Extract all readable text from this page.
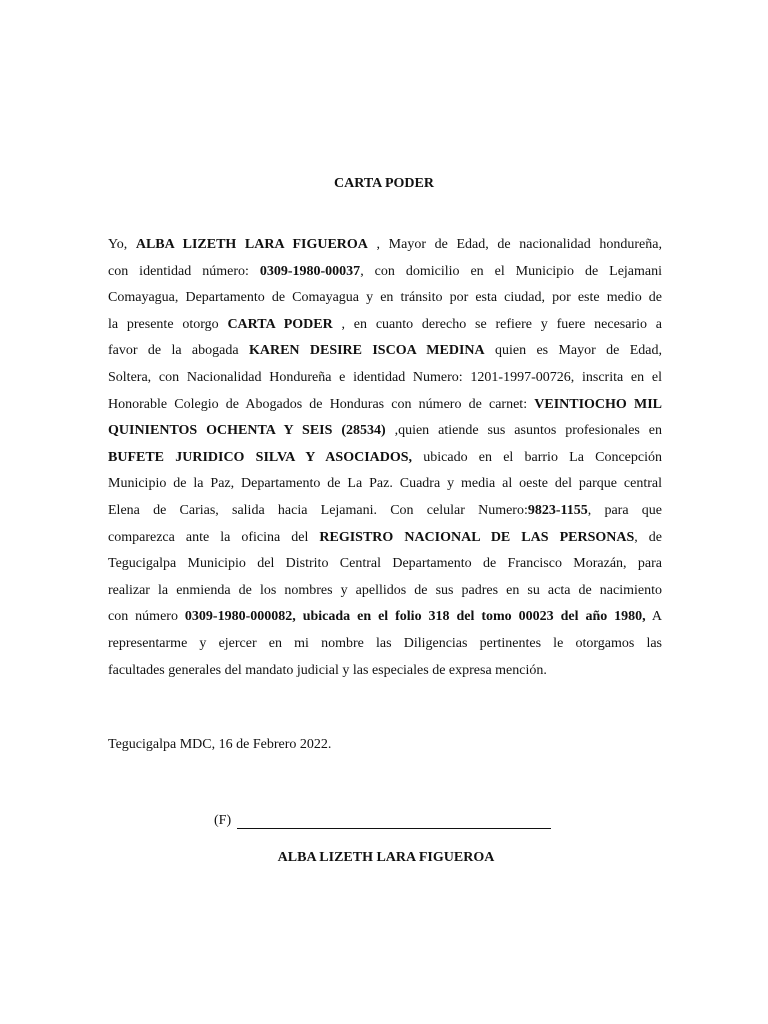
CARTA PODER
Yo, ALBA LIZETH LARA FIGUEROA , Mayor de Edad, de nacionalidad hondureña,
con identidad número: 0309-1980-00037, con domicilio en el Municipio de Lejamani
Comayagua, Departamento de Comayagua y en tránsito por esta ciudad, por este medio de
la presente otorgo CARTA PODER , en cuanto derecho se refiere y fuere necesario a
favor de la abogada KAREN DESIRE ISCOA MEDINA quien es Mayor de Edad,
Soltera, con Nacionalidad Hondureña e identidad Numero: 1201-1997-00726, inscrita en el
Honorable Colegio de Abogados de Honduras con número de carnet: VEINTIOCHO MIL
QUINIENTOS OCHENTA Y SEIS (28534) ,quien atiende sus asuntos profesionales en
BUFETE JURIDICO SILVA Y ASOCIADOS, ubicado en el barrio La Concepción
Municipio de la Paz, Departamento de La Paz. Cuadra y media al oeste del parque central
Elena de Carias, salida hacia Lejamani. Con celular Numero:9823-1155, para que
comparezca ante la oficina del REGISTRO NACIONAL DE LAS PERSONAS, de
Tegucigalpa Municipio del Distrito Central Departamento de Francisco Morazán, para
realizar la enmienda de los nombres y apellidos de sus padres en su acta de nacimiento
con número 0309-1980-000082, ubicada en el folio 318 del tomo 00023 del año 1980, A
representarme y ejercer en mi nombre las Diligencias pertinentes le otorgamos las
facultades generales del mandato judicial y las especiales de expresa mención.
Tegucigalpa MDC, 16 de Febrero 2022.
(F)
ALBA LIZETH LARA FIGUEROA
